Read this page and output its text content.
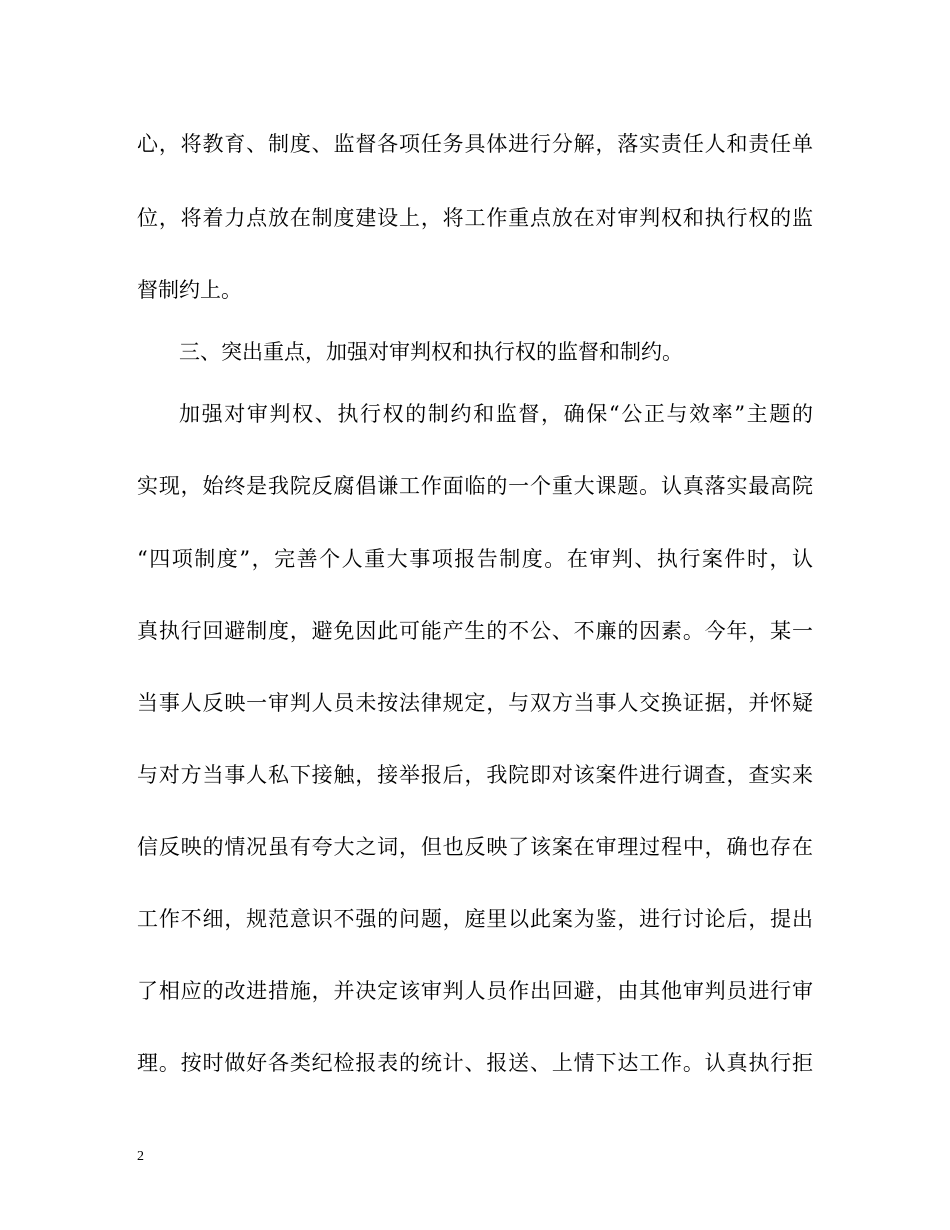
心，将教育、制度、监督各项任务具体进行分解，落实责任人和责任单
位，将着力点放在制度建设上，将工作重点放在对审判权和执行权的监
督制约上。
三、突出重点，加强对审判权和执行权的监督和制约。
加强对审判权、执行权的制约和监督，确保“公正与效率”主题的
实现，始终是我院反腐倡谦工作面临的一个重大课题。认真落实最高院
“四项制度”，完善个人重大事项报告制度。在审判、执行案件时，认
真执行回避制度，避免因此可能产生的不公、不廉的因素。今年，某一
当事人反映一审判人员未按法律规定，与双方当事人交换证据，并怀疑
与对方当事人私下接触，接举报后，我院即对该案件进行调查，查实来
信反映的情况虽有夸大之词，但也反映了该案在审理过程中，确也存在
工作不细，规范意识不强的问题，庭里以此案为鉴，进行讨论后，提出
了相应的改进措施，并决定该审判人员作出回避，由其他审判员进行审
理。按时做好各类纪检报表的统计、报送、上情下达工作。认真执行拒
2
